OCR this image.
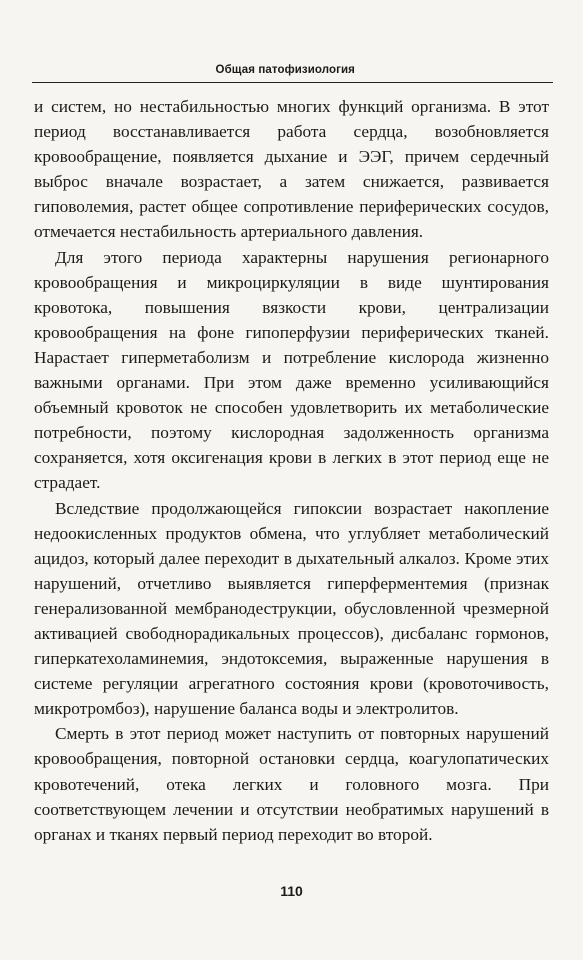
Общая патофизиология

и систем, но нестабильностью многих функций организма. В этот период восстанавливается работа сердца, возобновляется кровообращение, появляется дыхание и ЭЭГ, причем сердечный выброс вначале возрастает, а затем снижается, развивается гиповолемия, растет общее сопротивление периферических сосудов, отмечается нестабильность артериального давления.

Для этого периода характерны нарушения регионарного кровообращения и микроциркуляции в виде шунтирования кровотока, повышения вязкости крови, централизации кровообращения на фоне гипоперфузии периферических тканей. Нарастает гиперметаболизм и потребление кислорода жизненно важными органами. При этом даже временно усиливающийся объемный кровоток не способен удовлетворить их метаболические потребности, поэтому кислородная задолженность организма сохраняется, хотя оксигенация крови в легких в этот период еще не страдает.

Вследствие продолжающейся гипоксии возрастает накопление недоокисленных продуктов обмена, что углубляет метаболический ацидоз, который далее переходит в дыхательный алкалоз. Кроме этих нарушений, отчетливо выявляется гиперферментемия (признак генерализованной мембранодеструкции, обусловленной чрезмерной активацией свободнорадикальных процессов), дисбаланс гормонов, гиперкатехоламинемия, эндотоксемия, выраженные нарушения в системе регуляции агрегатного состояния крови (кровоточивость, микротромбоз), нарушение баланса воды и электролитов.

Смерть в этот период может наступить от повторных нарушений кровообращения, повторной остановки сердца, коагулопатических кровотечений, отека легких и головного мозга. При соответствующем лечении и отсутствии необратимых нарушений в органах и тканях первый период переходит во второй.

110
